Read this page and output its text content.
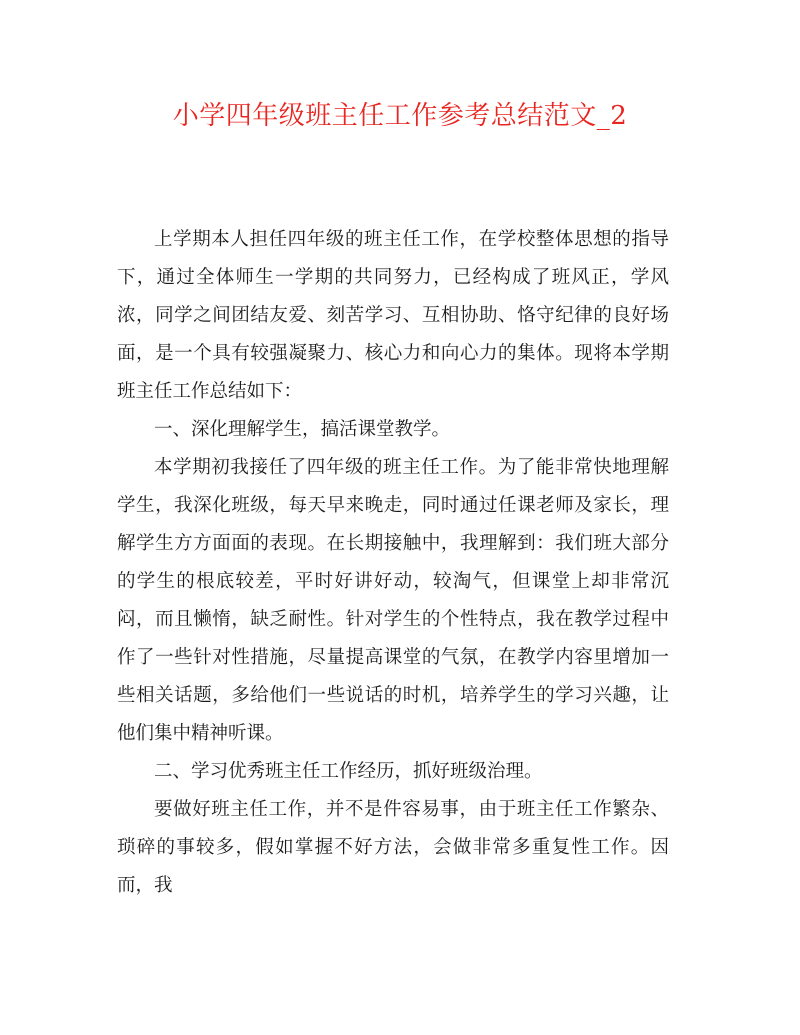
小学四年级班主任工作参考总结范文_2

上学期本人担任四年级的班主任工作，在学校整体思想的指导下，通过全体师生一学期的共同努力，已经构成了班风正，学风浓，同学之间团结友爱、刻苦学习、互相协助、恪守纪律的良好场面，是一个具有较强凝聚力、核心力和向心力的集体。现将本学期班主任工作总结如下：

一、深化理解学生，搞活课堂教学。

本学期初我接任了四年级的班主任工作。为了能非常快地理解学生，我深化班级，每天早来晚走，同时通过任课老师及家长，理解学生方方面面的表现。在长期接触中，我理解到：我们班大部分的学生的根底较差，平时好讲好动，较淘气，但课堂上却非常沉闷，而且懒惰，缺乏耐性。针对学生的个性特点，我在教学过程中作了一些针对性措施，尽量提高课堂的气氛，在教学内容里增加一些相关话题，多给他们一些说话的时机，培养学生的学习兴趣，让他们集中精神听课。

二、学习优秀班主任工作经历，抓好班级治理。

要做好班主任工作，并不是件容易事，由于班主任工作繁杂、琐碎的事较多，假如掌握不好方法，会做非常多重复性工作。因而，我
